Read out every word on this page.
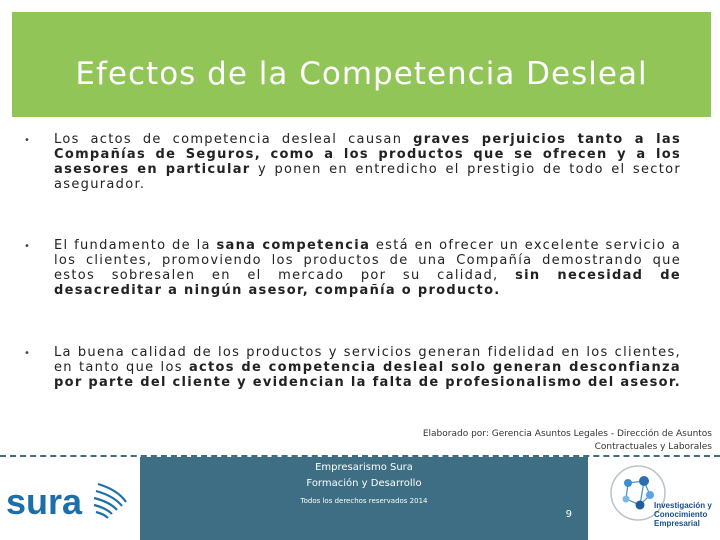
Efectos de la Competencia Desleal
• Los actos de competencia desleal causan graves perjuicios tanto a las Compañías de Seguros, como a los productos que se ofrecen y a los asesores en particular y ponen en entredicho el prestigio de todo el sector asegurador.

• El fundamento de la sana competencia está en ofrecer un excelente servicio a los clientes, promoviendo los productos de una Compañía demostrando que estos sobresalen en el mercado por su calidad, sin necesidad de desacreditar a ningún asesor, compañía o producto.

• La buena calidad de los productos y servicios generan fidelidad en los clientes, en tanto que los actos de competencia desleal solo generan desconfianza por parte del cliente y evidencian la falta de profesionalismo del asesor.

Elaborado por: Gerencia Asuntos Legales - Dirección de Asuntos
Contractuales y Laborales
sura
Empresarismo Sura
Formación y Desarrollo
Todos los derechos reservados 2014
9
Investigación y
Conocimiento
Empresarial
